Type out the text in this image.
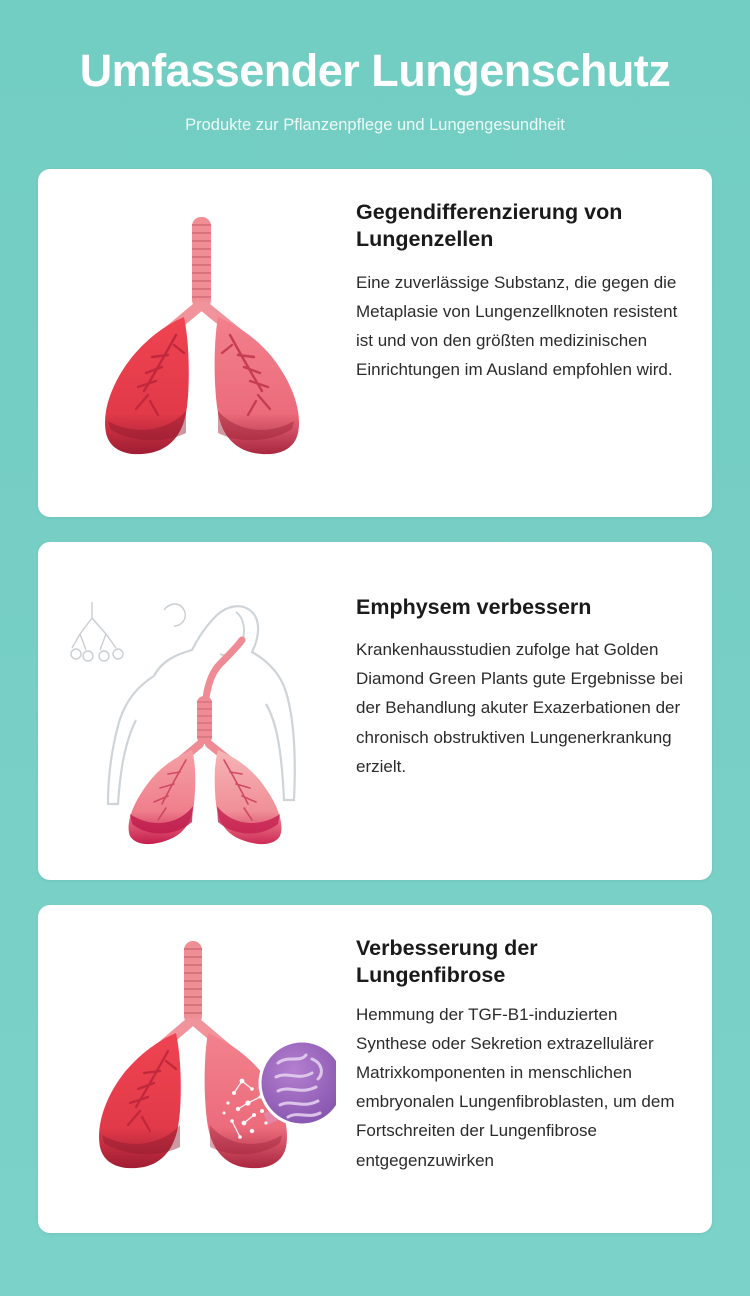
Umfassender Lungenschutz
Produkte zur Pflanzenpflege und Lungengesundheit
Gegendifferenzierung von Lungenzellen
Eine zuverlässige Substanz, die gegen die Metaplasie von Lungenzellknoten resistent ist und von den größten medizinischen Einrichtungen im Ausland empfohlen wird.
Emphysem verbessern
Krankenhausstudien zufolge hat Golden Diamond Green Plants gute Ergebnisse bei der Behandlung akuter Exazerbationen der chronisch obstruktiven Lungenerkrankung erzielt.
Verbesserung der Lungenfibrose
Hemmung der TGF-B1-induzierten Synthese oder Sekretion extrazellulärer Matrixkomponenten in menschlichen embryonalen Lungenfibroblasten, um dem Fortschreiten der Lungenfibrose entgegenzuwirken
